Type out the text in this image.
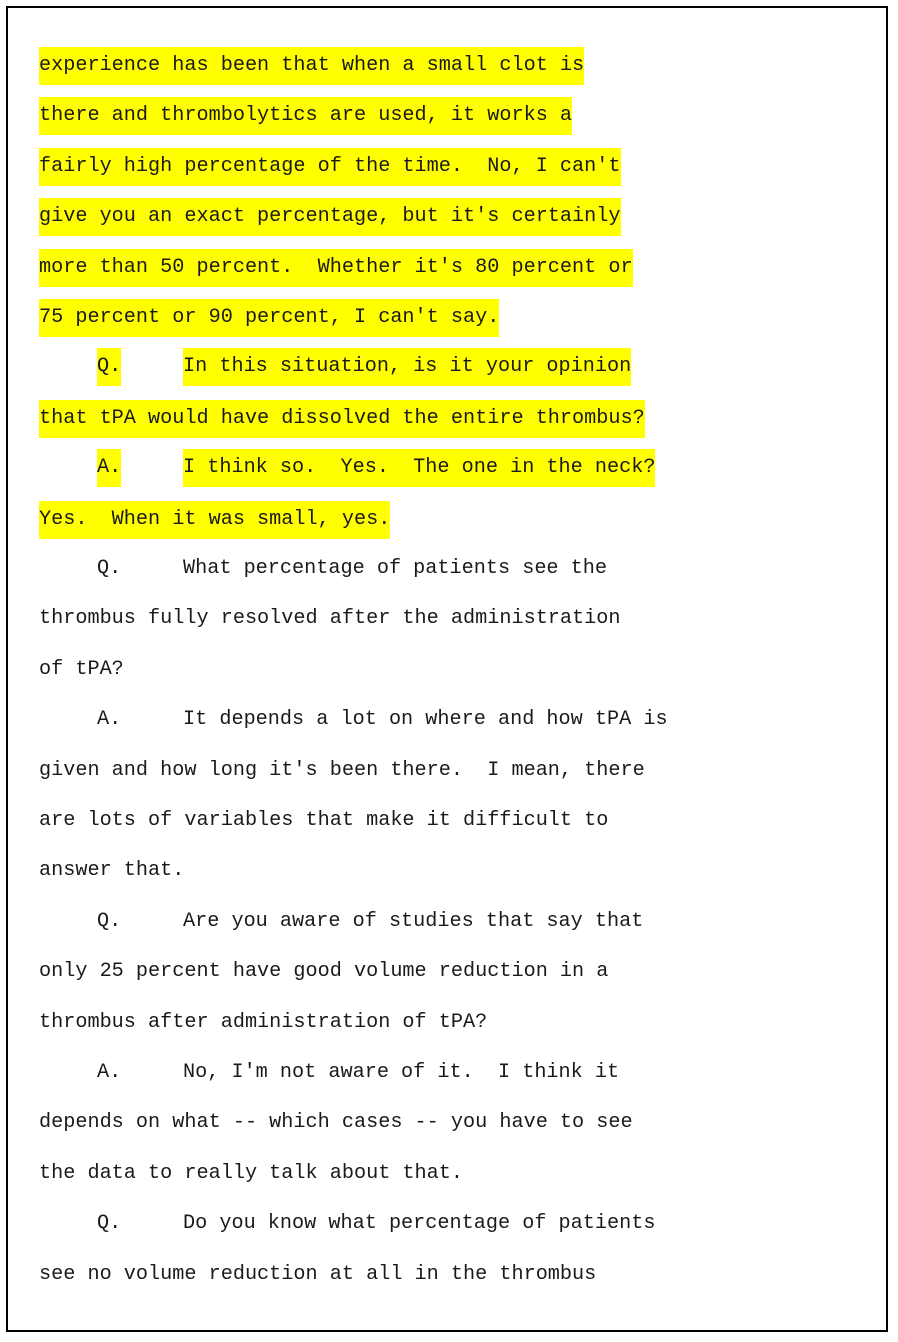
experience has been that when a small clot is
there and thrombolytics are used, it works a
fairly high percentage of the time.  No, I can't
give you an exact percentage, but it's certainly
more than 50 percent.  Whether it's 80 percent or
75 percent or 90 percent, I can't say.
Q.	In this situation, is it your opinion
that tPA would have dissolved the entire thrombus?
A.	I think so.  Yes.  The one in the neck?
Yes.  When it was small, yes.
Q.	What percentage of patients see the
thrombus fully resolved after the administration
of tPA?
A.	It depends a lot on where and how tPA is
given and how long it's been there.  I mean, there
are lots of variables that make it difficult to
answer that.
Q.	Are you aware of studies that say that
only 25 percent have good volume reduction in a
thrombus after administration of tPA?
A.	No, I'm not aware of it.  I think it
depends on what -- which cases -- you have to see
the data to really talk about that.
Q.	Do you know what percentage of patients
see no volume reduction at all in the thrombus
